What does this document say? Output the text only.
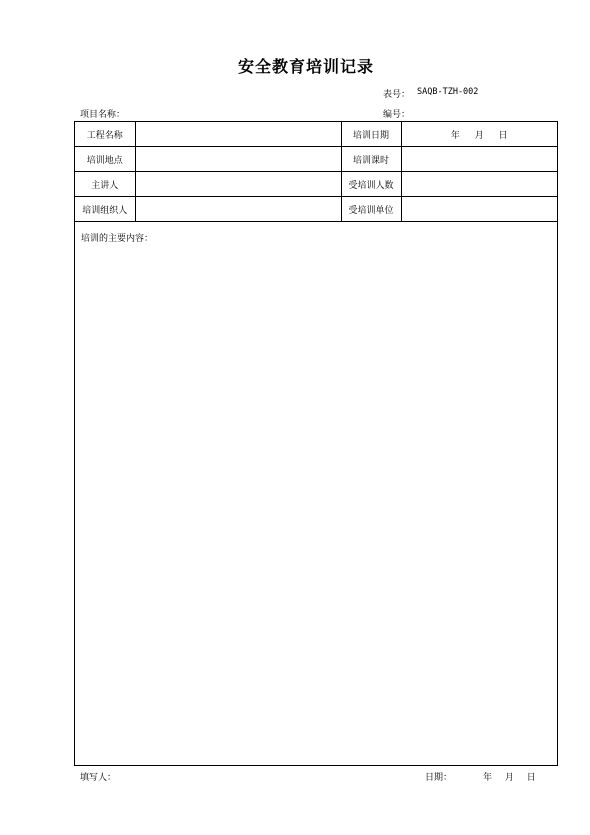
安全教育培训记录
表号： SAQB-TZH-002
项目名称：	编号：
工程名称		培训日期	年 月 日
培训地点		培训课时	
主讲人		受培训人数	
培训组织人		受培训单位	
培训的主要内容：
填写人：	日期：	年 月 日
